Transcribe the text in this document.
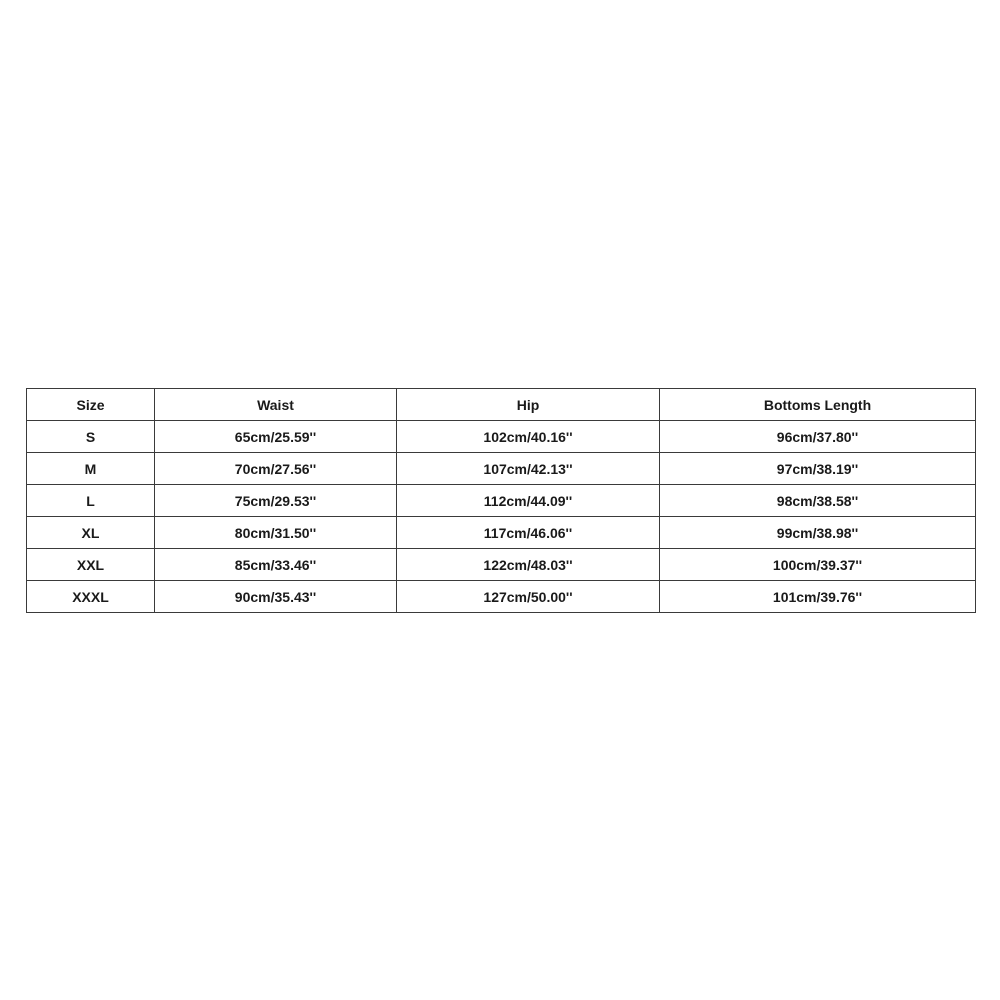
Size	Waist	Hip	Bottoms Length
S	65cm/25.59''	102cm/40.16''	96cm/37.80''
M	70cm/27.56''	107cm/42.13''	97cm/38.19''
L	75cm/29.53''	112cm/44.09''	98cm/38.58''
XL	80cm/31.50''	117cm/46.06''	99cm/38.98''
XXL	85cm/33.46''	122cm/48.03''	100cm/39.37''
XXXL	90cm/35.43''	127cm/50.00''	101cm/39.76''
